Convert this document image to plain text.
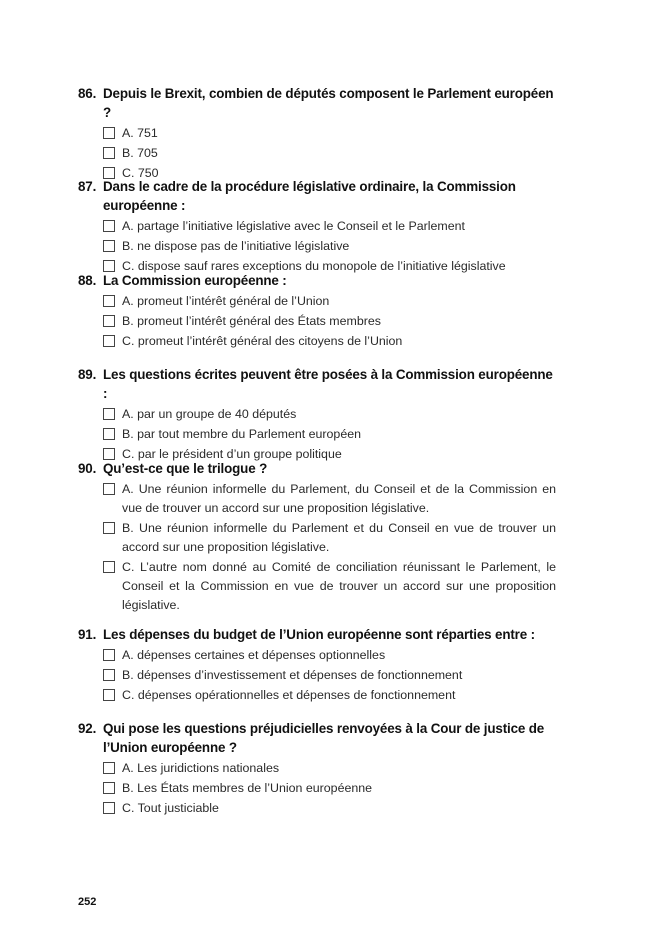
86. Depuis le Brexit, combien de députés composent le Parlement européen ?
A. 751
B. 705
C. 750
87. Dans le cadre de la procédure législative ordinaire, la Commission européenne :
A. partage l’initiative législative avec le Conseil et le Parlement
B. ne dispose pas de l’initiative législative
C. dispose sauf rares exceptions du monopole de l’initiative législative
88. La Commission européenne :
A. promeut l’intérêt général de l’Union
B. promeut l’intérêt général des États membres
C. promeut l’intérêt général des citoyens de l’Union
89. Les questions écrites peuvent être posées à la Commission européenne :
A. par un groupe de 40 députés
B. par tout membre du Parlement européen
C. par le président d’un groupe politique
90. Qu’est-ce que le trilogue ?
A. Une réunion informelle du Parlement, du Conseil et de la Commission en vue de trouver un accord sur une proposition législative.
B. Une réunion informelle du Parlement et du Conseil en vue de trouver un accord sur une proposition législative.
C. L’autre nom donné au Comité de conciliation réunissant le Parlement, le Conseil et la Commission en vue de trouver un accord sur une proposition législative.
91. Les dépenses du budget de l’Union européenne sont réparties entre :
A. dépenses certaines et dépenses optionnelles
B. dépenses d’investissement et dépenses de fonctionnement
C. dépenses opérationnelles et dépenses de fonctionnement
92. Qui pose les questions préjudicielles renvoyées à la Cour de justice de l’Union européenne ?
A. Les juridictions nationales
B. Les États membres de l’Union européenne
C. Tout justiciable
252
